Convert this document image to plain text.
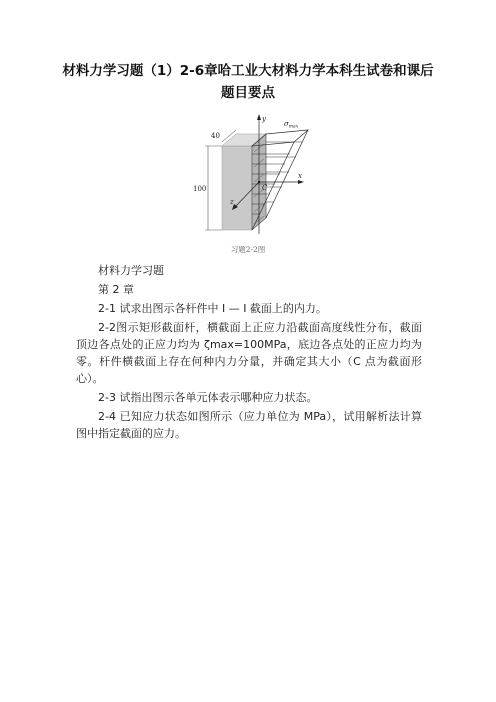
材料力学习题（1）2-6章哈工业大材料力学本科生试卷和课后
题目要点
40
100
y
x
z
C
$\sigma_{max}$
习题2-2图

材料力学习题

第 2 章

2-1 试求出图示各杆件中 I — I 截面上的内力。

2-2图示矩形截面杆，横截面上正应力沿截面高度线性分布，截面顶边各点处的正应力均为 ζmax=100MPa，底边各点处的正应力均为零。杆件横截面上存在何种内力分量，并确定其大小（C 点为截面形心）。

2-3 试指出图示各单元体表示哪种应力状态。

2-4 已知应力状态如图所示（应力单位为 MPa），试用解析法计算图中指定截面的应力。
